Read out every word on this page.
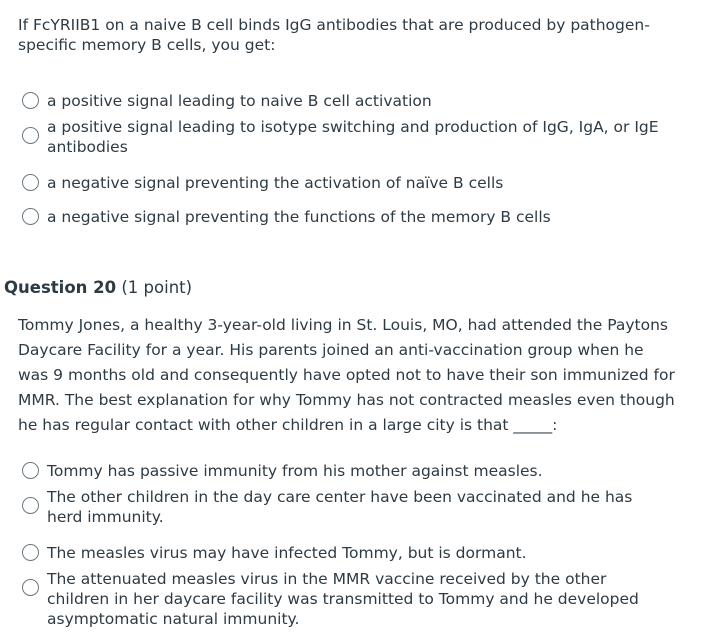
If FcYRIIB1 on a naive B cell binds IgG antibodies that are produced by pathogen-specific memory B cells, you get:

a positive signal leading to naive B cell activation
a positive signal leading to isotype switching and production of IgG, IgA, or IgE antibodies
a negative signal preventing the activation of naïve B cells
a negative signal preventing the functions of the memory B cells
Question 20 (1 point)

Tommy Jones, a healthy 3-year-old living in St. Louis, MO, had attended the Paytons Daycare Facility for a year. His parents joined an anti-vaccination group when he was 9 months old and consequently have opted not to have their son immunized for MMR. The best explanation for why Tommy has not contracted measles even though he has regular contact with other children in a large city is that _____:

Tommy has passive immunity from his mother against measles.
The other children in the day care center have been vaccinated and he has herd immunity.
The measles virus may have infected Tommy, but is dormant.
The attenuated measles virus in the MMR vaccine received by the other children in her daycare facility was transmitted to Tommy and he developed asymptomatic natural immunity.
